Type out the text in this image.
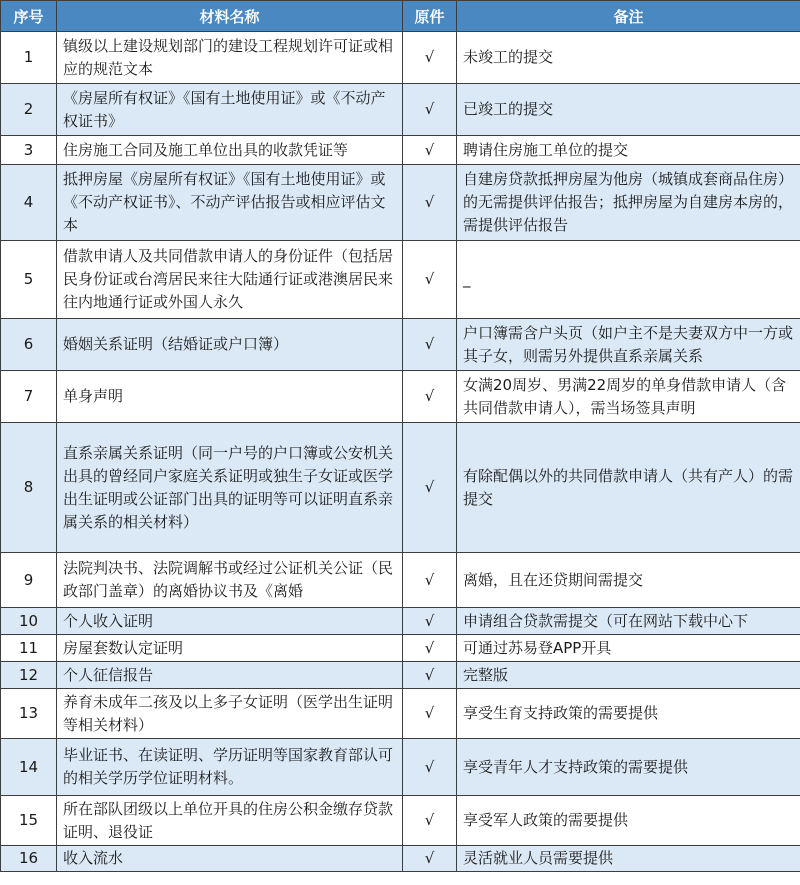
序号	材料名称	原件	备注
1	镇级以上建设规划部门的建设工程规划许可证或相应的规范文本	√	未竣工的提交
2	《房屋所有权证》《国有土地使用证》或《不动产权证书》	√	已竣工的提交
3	住房施工合同及施工单位出具的收款凭证等	√	聘请住房施工单位的提交
4	抵押房屋《房屋所有权证》《国有土地使用证》或《不动产权证书》、不动产评估报告或相应评估文本	√	自建房贷款抵押房屋为他房（城镇成套商品住房）的无需提供评估报告；抵押房屋为自建房本房的，需提供评估报告
5	借款申请人及共同借款申请人的身份证件（包括居民身份证或台湾居民来往大陆通行证或港澳居民来往内地通行证或外国人永久	√	_
6	婚姻关系证明（结婚证或户口簿）	√	户口簿需含户头页（如户主不是夫妻双方中一方或其子女，则需另外提供直系亲属关系
7	单身声明	√	女满20周岁、男满22周岁的单身借款申请人（含共同借款申请人），需当场签具声明
8	直系亲属关系证明（同一户号的户口簿或公安机关出具的曾经同户家庭关系证明或独生子女证或医学出生证明或公证部门出具的证明等可以证明直系亲属关系的相关材料）	√	有除配偶以外的共同借款申请人（共有产人）的需提交
9	法院判决书、法院调解书或经过公证机关公证（民政部门盖章）的离婚协议书及《离婚	√	离婚，且在还贷期间需提交
10	个人收入证明	√	申请组合贷款需提交（可在网站下载中心下
11	房屋套数认定证明	√	可通过苏易登APP开具
12	个人征信报告	√	完整版
13	养育未成年二孩及以上多子女证明（医学出生证明等相关材料）	√	享受生育支持政策的需要提供
14	毕业证书、在读证明、学历证明等国家教育部认可的相关学历学位证明材料。	√	享受青年人才支持政策的需要提供
15	所在部队团级以上单位开具的住房公积金缴存贷款证明、退役证	√	享受军人政策的需要提供
16	收入流水	√	灵活就业人员需要提供
